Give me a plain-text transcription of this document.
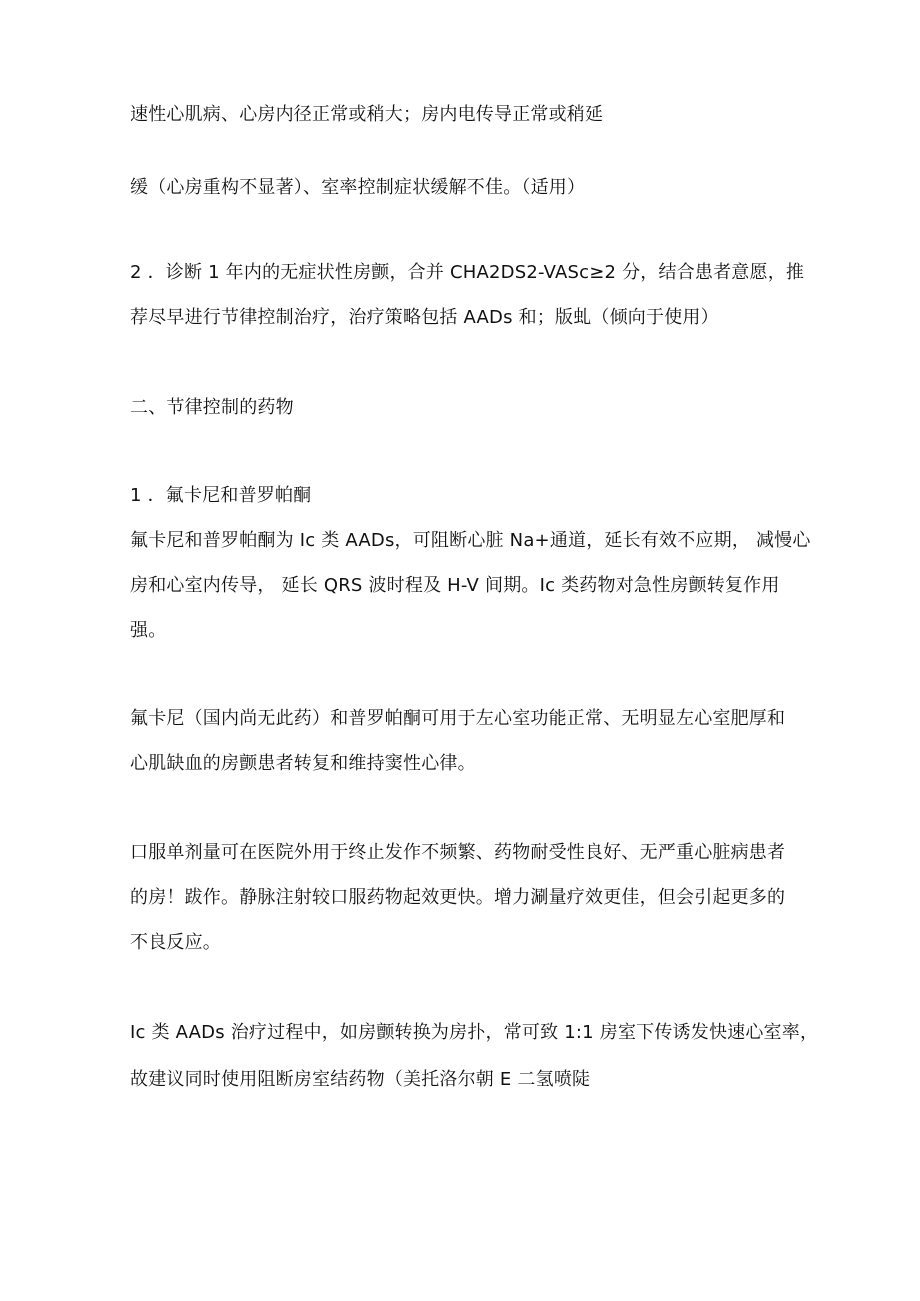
速性心肌病、心房内径正常或稍大；房内电传导正常或稍延
缓（心房重构不显著）、室率控制症状缓解不佳。（适用）
2 ．诊断 1 年内的无症状性房颤，合并 CHA2DS2-VASc≥2 分，结合患者意愿，推
荐尽早进行节律控制治疗，治疗策略包括 AADs 和；版虬（倾向于使用）
二、节律控制的药物
1 ．氟卡尼和普罗帕酮
氟卡尼和普罗帕酮为 Ic 类 AADs，可阻断心脏 Na+通道，延长有效不应期， 减慢心
房和心室内传导， 延长 QRS 波时程及 H-V 间期。Ic 类药物对急性房颤转复作用
强。
氟卡尼（国内尚无此药）和普罗帕酮可用于左心室功能正常、无明显左心室肥厚和
心肌缺血的房颤患者转复和维持窦性心律。
口服单剂量可在医院外用于终止发作不频繁、药物耐受性良好、无严重心脏病患者
的房！跋作。静脉注射较口服药物起效更快。增力涮量疗效更佳，但会引起更多的
不良反应。
Ic 类 AADs 治疗过程中，如房颤转换为房扑，常可致 1:1 房室下传诱发快速心室率，
故建议同时使用阻断房室结药物（美托洛尔朝 E 二氢喷陡
